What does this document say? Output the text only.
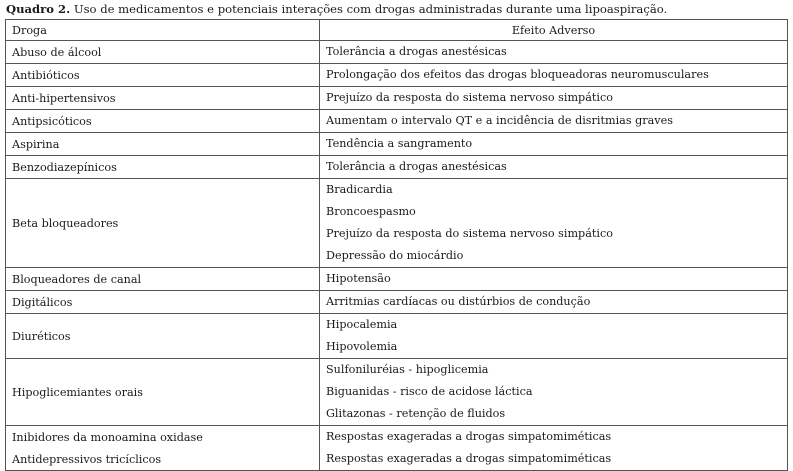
Quadro 2. Uso de medicamentos e potenciais interações com drogas administradas durante uma lipoaspiração.
Droga	Efeito Adverso
Abuso de álcool	Tolerância a drogas anestésicas

Antibióticos	Prolongação dos efeitos das drogas bloqueadoras neuromusculares

Anti-hipertensivos	Prejuízo da resposta do sistema nervoso simpático

Antipsicóticos	Aumentam o intervalo QT e a incidência de disritmias graves

Aspirina	Tendência a sangramento

Benzodiazepínicos	Tolerância a drogas anestésicas

Beta bloqueadores	Bradicardia
Broncoespasmo
Prejuízo da resposta do sistema nervoso simpático
Depressão do miocárdio

Bloqueadores de canal	Hipotensão

Digitálicos	Arritmias cardíacas ou distúrbios de condução

Diuréticos	Hipocalemia
Hipovolemia

Hipoglicemiantes orais	Sulfoniluréias - hipoglicemia
Biguanidas - risco de acidose láctica
Glitazonas - retenção de fluidos

Inibidores da monoamina oxidase	Respostas exageradas a drogas simpatomiméticas

Antidepressivos tricíclicos	Respostas exageradas a drogas simpatomiméticas
